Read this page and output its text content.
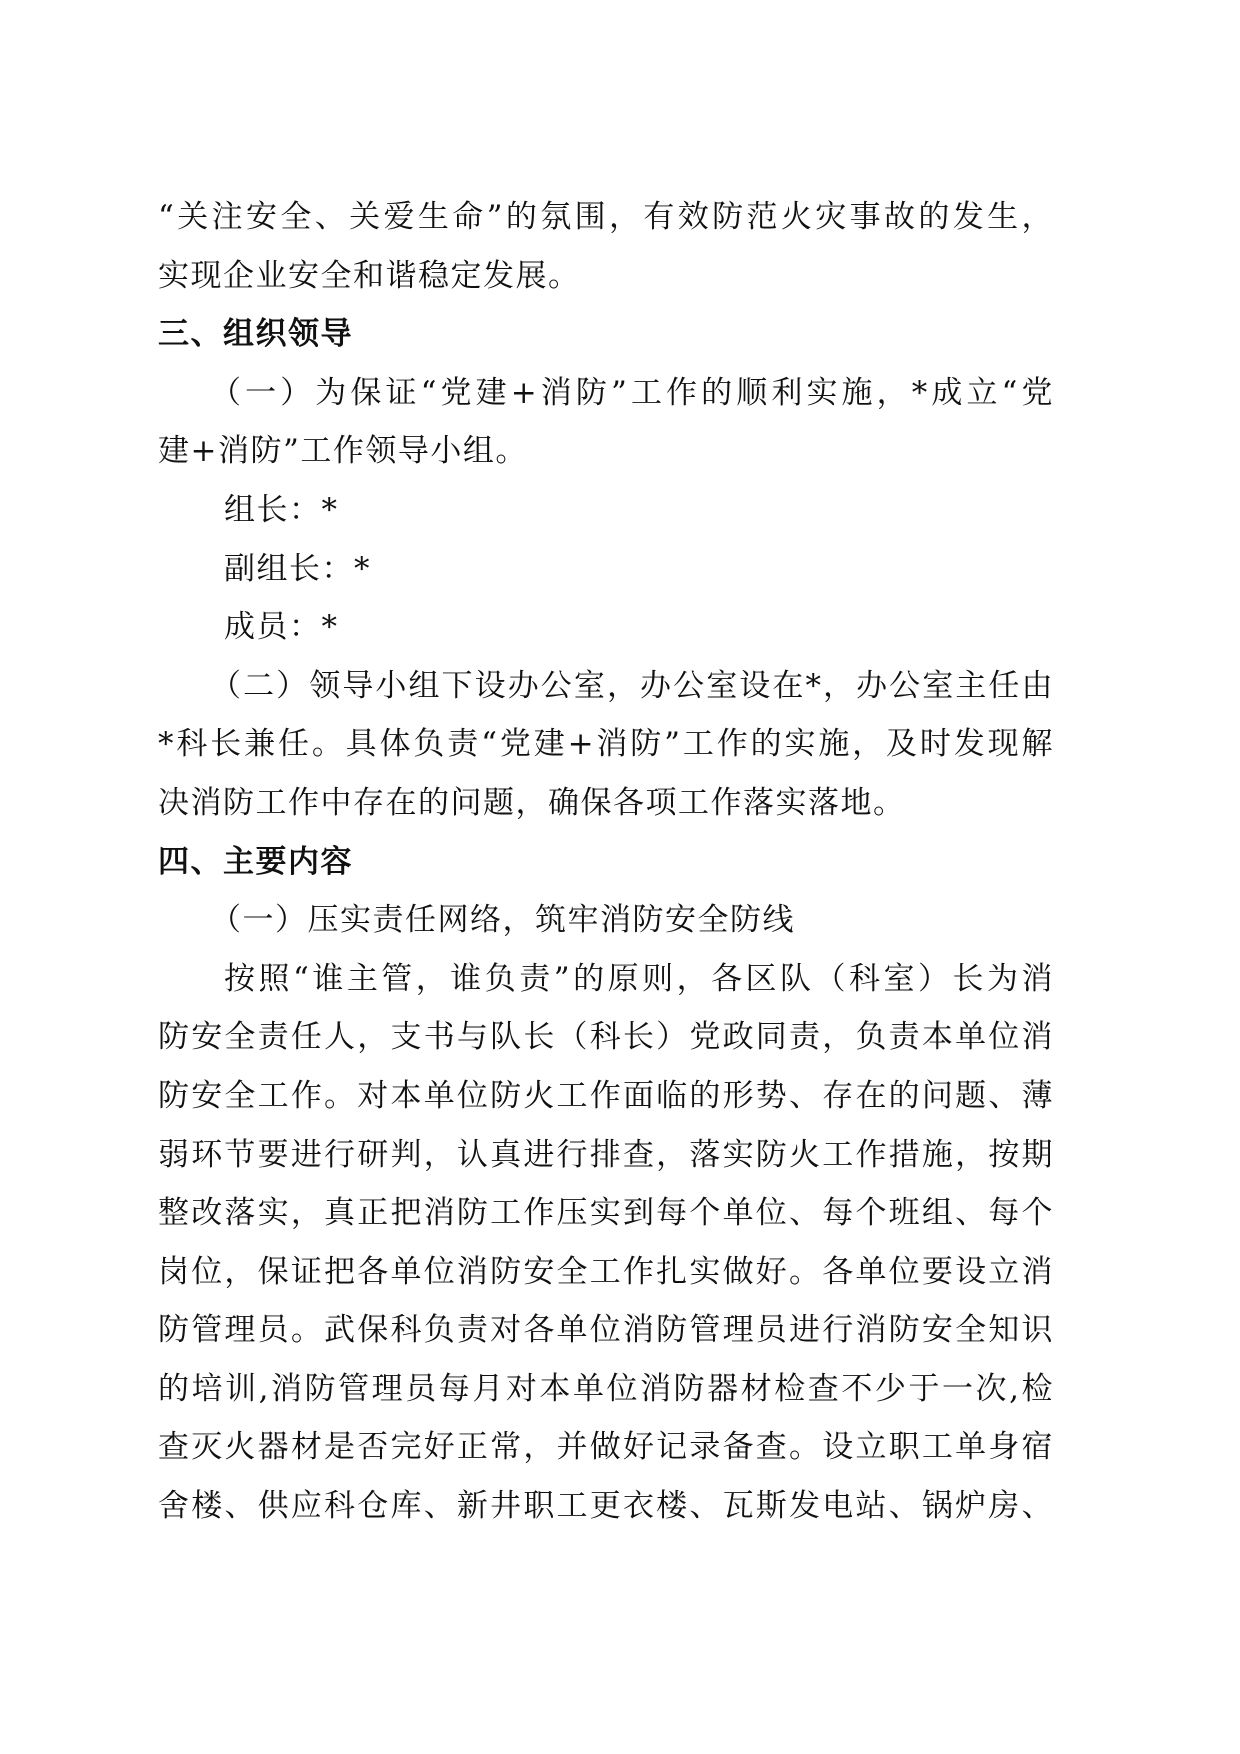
“关注安全、关爱生命”的氛围，有效防范火灾事故的发生，

实现企业安全和谐稳定发展。

三、组织领导

（一）为保证“党建+消防”工作的顺利实施，*成立“党

建+消防”工作领导小组。

组长：*

副组长：*

成员：*

（二）领导小组下设办公室，办公室设在*，办公室主任由

*科长兼任。具体负责“党建+消防”工作的实施，及时发现解

决消防工作中存在的问题，确保各项工作落实落地。

四、主要内容

（一）压实责任网络，筑牢消防安全防线

按照“谁主管，谁负责”的原则，各区队（科室）长为消

防安全责任人，支书与队长（科长）党政同责，负责本单位消

防安全工作。对本单位防火工作面临的形势、存在的问题、薄

弱环节要进行研判，认真进行排查，落实防火工作措施，按期

整改落实，真正把消防工作压实到每个单位、每个班组、每个

岗位，保证把各单位消防安全工作扎实做好。各单位要设立消

防管理员。武保科负责对各单位消防管理员进行消防安全知识

的培训,消防管理员每月对本单位消防器材检查不少于一次,检

查灭火器材是否完好正常，并做好记录备查。设立职工单身宿

舍楼、供应科仓库、新井职工更衣楼、瓦斯发电站、锅炉房、
